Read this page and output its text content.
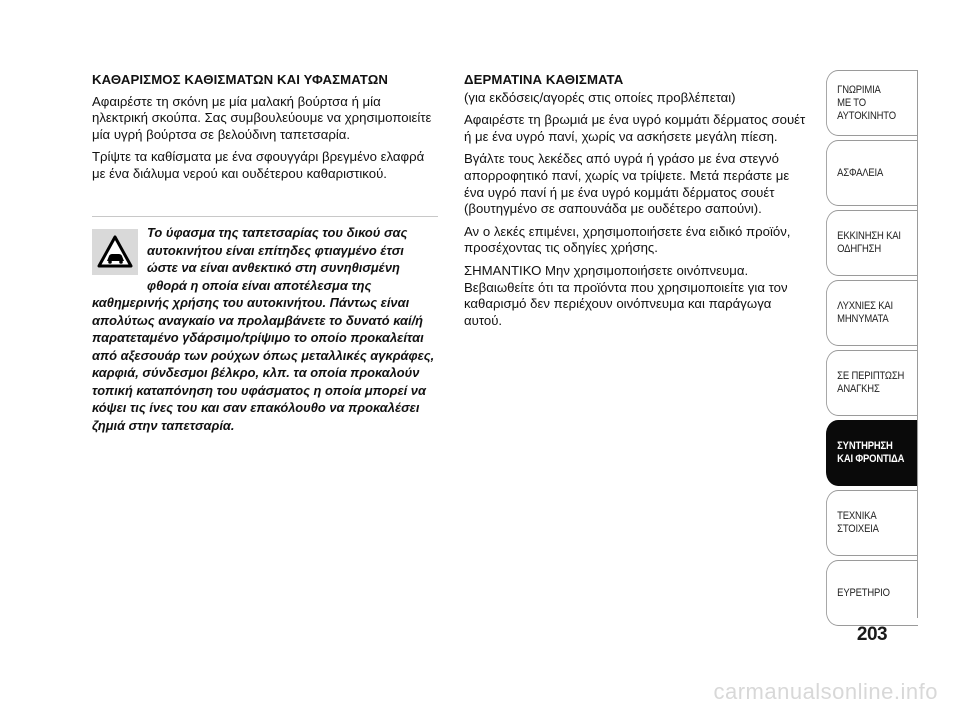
ΚΑΘΑΡΙΣΜΟΣ ΚΑΘΙΣΜΑΤΩΝ ΚΑΙ ΥΦΑΣΜΑΤΩΝ

Αφαιρέστε τη σκόνη με μία μαλακή βούρτσα ή μία ηλεκτρική σκούπα. Σας συμβουλεύουμε να χρησιμοποιείτε μία υγρή βούρτσα σε βελούδινη ταπετσαρία.

Τρίψτε τα καθίσματα με ένα σφουγγάρι βρεγμένο ελαφρά με ένα διάλυμα νερού και ουδέτερου καθαριστικού.

Το ύφασμα της ταπετσαρίας του δικού σας αυτοκινήτου είναι επίτηδες φτιαγμένο έτσι ώστε να είναι ανθεκτικό στη συνηθισμένη φθορά η οποία είναι αποτέλεσμα της καθημερινής χρήσης του αυτοκινήτου. Πάντως είναι απολύτως αναγκαίο να προλαμβάνετε το δυνατό καί/ή παρατεταμένο γδάρσιμο/τρίψιμο το οποίο προκαλείται από αξεσουάρ των ρούχων όπως μεταλλικές αγκράφες, καρφιά, σύνδεσμοι βέλκρο, κλπ. τα οποία προκαλούν τοπική καταπόνηση του υφάσματος η οποία μπορεί να κόψει τις ίνες του και σαν επακόλουθο να προκαλέσει ζημιά στην ταπετσαρία.

ΔΕΡΜΑΤΙΝΑ ΚΑΘΙΣΜΑΤΑ

(για εκδόσεις/αγορές στις οποίες προβλέπεται)

Αφαιρέστε τη βρωμιά με ένα υγρό κομμάτι δέρματος σουέτ ή με ένα υγρό πανί, χωρίς να ασκήσετε μεγάλη πίεση.

Βγάλτε τους λεκέδες από υγρά ή γράσο με ένα στεγνό απορροφητικό πανί, χωρίς να τρίψετε. Μετά περάστε με ένα υγρό πανί ή με ένα υγρό κομμάτι δέρματος σουέτ (βουτηγμένο σε σαπουνάδα με ουδέτερο σαπούνι).

Αν ο λεκές επιμένει, χρησιμοποιήσετε ένα ειδικό προϊόν, προσέχοντας τις οδηγίες χρήσης.

ΣΗΜΑΝΤΙΚΟ Μην χρησιμοποιήσετε οινόπνευμα. Βεβαιωθείτε ότι τα προϊόντα που χρησιμοποιείτε για τον καθαρισμό δεν περιέχουν οινόπνευμα και παράγωγα αυτού.

ΓΝΩΡΙΜΙΑ
ΜΕ ΤΟ
ΑΥΤΟΚΙΝΗΤΟ
ΑΣΦΑΛΕΙΑ
ΕΚΚΙΝΗΣΗ ΚΑΙ
ΟΔΗΓΗΣΗ
ΛΥΧΝΙΕΣ ΚΑΙ
ΜΗΝΥΜΑΤΑ
ΣΕ ΠΕΡΙΠΤΩΣΗ
ΑΝΑΓΚΗΣ
ΣΥΝΤΗΡΗΣΗ
ΚΑΙ ΦΡΟΝΤΙΔΑ
ΤΕΧΝΙΚΑ
ΣΤΟΙΧΕΙΑ
ΕΥΡΕΤΗΡΙΟ
203
carmanualsonline.info
